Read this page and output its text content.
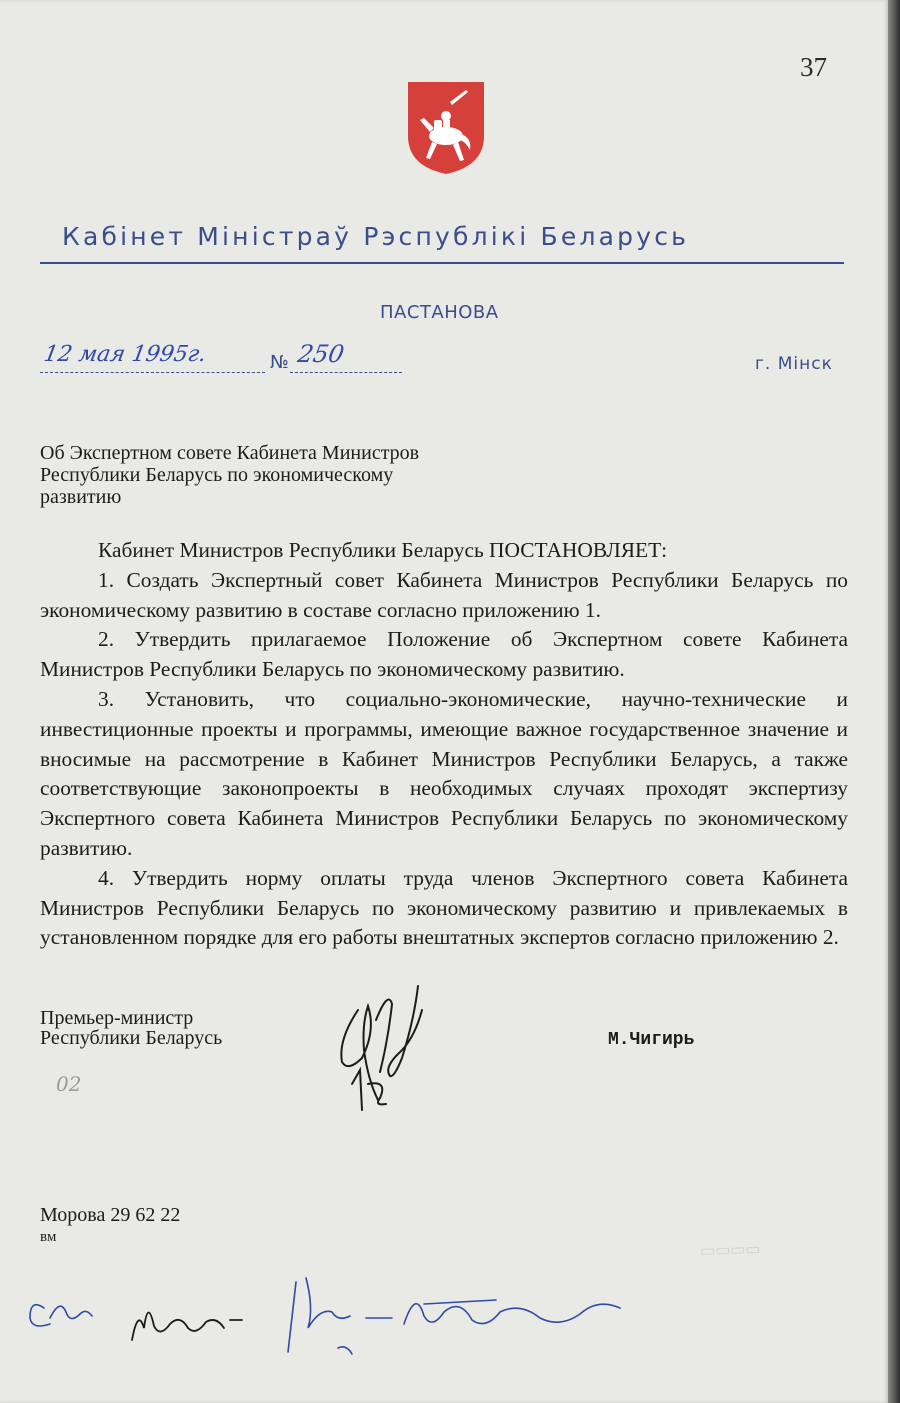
37
Кабінет Міністраў Рэспублікі Беларусь
ПАСТАНОВА
12 мая 1995г.	№ 250	г. Мінск
Об Экспертном совете Кабинета Министров
Республики Беларусь по экономическому
развитию

Кабинет Министров Республики Беларусь ПОСТАНОВЛЯЕТ:

1. Создать Экспертный совет Кабинета Министров Республики Беларусь по экономическому развитию в составе согласно приложению 1.

2. Утвердить прилагаемое Положение об Экспертном совете Кабинета Министров Республики Беларусь по экономическому развитию.

3. Установить, что социально-экономические, научно-технические и инвестиционные проекты и программы, имеющие важное государственное значение и вносимые на рассмотрение в Кабинет Министров Республики Беларусь, а также соответствующие законопроекты в необходимых случаях проходят экспертизу Экспертного совета Кабинета Министров Республики Беларусь по экономическому развитию.

4. Утвердить норму оплаты труда членов Экспертного совета Кабинета Министров Республики Беларусь по экономическому развитию и привлекаемых в установленном порядке для его работы внештатных экспертов согласно приложению 2.

Премьер-министр
Республики Беларусь	М.Чигирь
02
▭▭▭▭
Морова 29 62 22
вм
